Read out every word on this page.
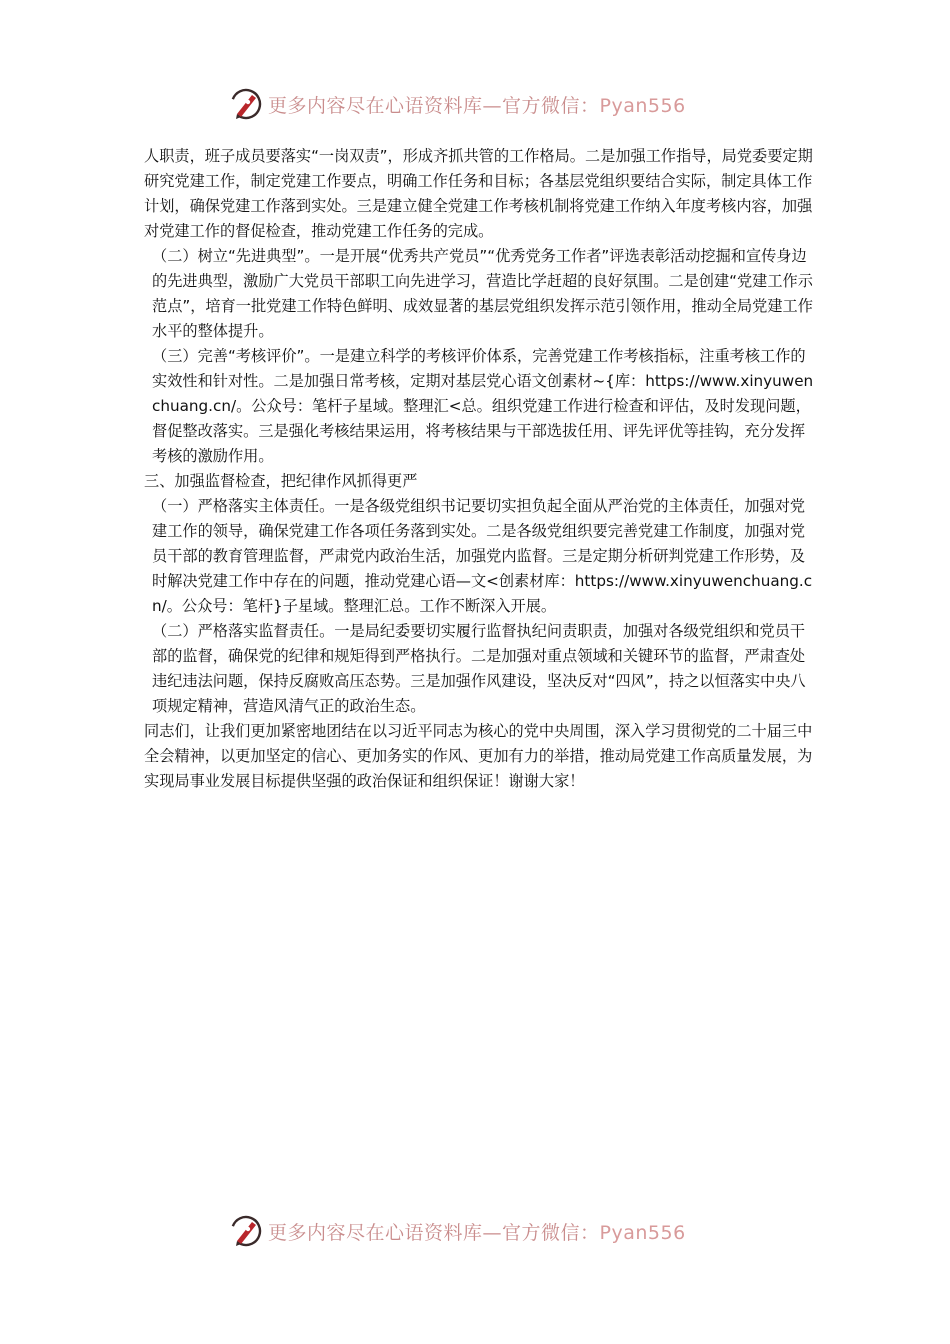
更多内容尽在心语资料库—官方微信：Pyan556

人职责，班子成员要落实“一岗双责”，形成齐抓共管的工作格局。二是加强工作指导，局党委要定期研究党建工作，制定党建工作要点，明确工作任务和目标；各基层党组织要结合实际，制定具体工作计划，确保党建工作落到实处。三是建立健全党建工作考核机制将党建工作纳入年度考核内容，加强对党建工作的督促检查，推动党建工作任务的完成。

（二）树立“先进典型”。一是开展“优秀共产党员”“优秀党务工作者”评选表彰活动挖掘和宣传身边的先进典型，激励广大党员干部职工向先进学习，营造比学赶超的良好氛围。二是创建“党建工作示范点”，培育一批党建工作特色鲜明、成效显著的基层党组织发挥示范引领作用，推动全局党建工作水平的整体提升。

（三）完善“考核评价”。一是建立科学的考核评价体系，完善党建工作考核指标，注重考核工作的实效性和针对性。二是加强日常考核，定期对基层党心语文创素材~{库：https://www.xinyuwenchuang.cn/。公众号：笔杆子星域。整理汇<总。组织党建工作进行检查和评估，及时发现问题，督促整改落实。三是强化考核结果运用，将考核结果与干部选拔任用、评先评优等挂钩，充分发挥考核的激励作用。

三、加强监督检查，把纪律作风抓得更严

（一）严格落实主体责任。一是各级党组织书记要切实担负起全面从严治党的主体责任，加强对党建工作的领导，确保党建工作各项任务落到实处。二是各级党组织要完善党建工作制度，加强对党员干部的教育管理监督，严肃党内政治生活，加强党内监督。三是定期分析研判党建工作形势，及时解决党建工作中存在的问题，推动党建心语—文<创素材库：https://www.xinyuwenchuang.cn/。公众号：笔杆}子星域。整理汇总。工作不断深入开展。

（二）严格落实监督责任。一是局纪委要切实履行监督执纪问责职责，加强对各级党组织和党员干部的监督，确保党的纪律和规矩得到严格执行。二是加强对重点领域和关键环节的监督，严肃查处违纪违法问题，保持反腐败高压态势。三是加强作风建设，坚决反对“四风”，持之以恒落实中央八项规定精神，营造风清气正的政治生态。

同志们，让我们更加紧密地团结在以习近平同志为核心的党中央周围，深入学习贯彻党的二十届三中全会精神，以更加坚定的信心、更加务实的作风、更加有力的举措，推动局党建工作高质量发展，为实现局事业发展目标提供坚强的政治保证和组织保证！谢谢大家！

更多内容尽在心语资料库—官方微信：Pyan556
